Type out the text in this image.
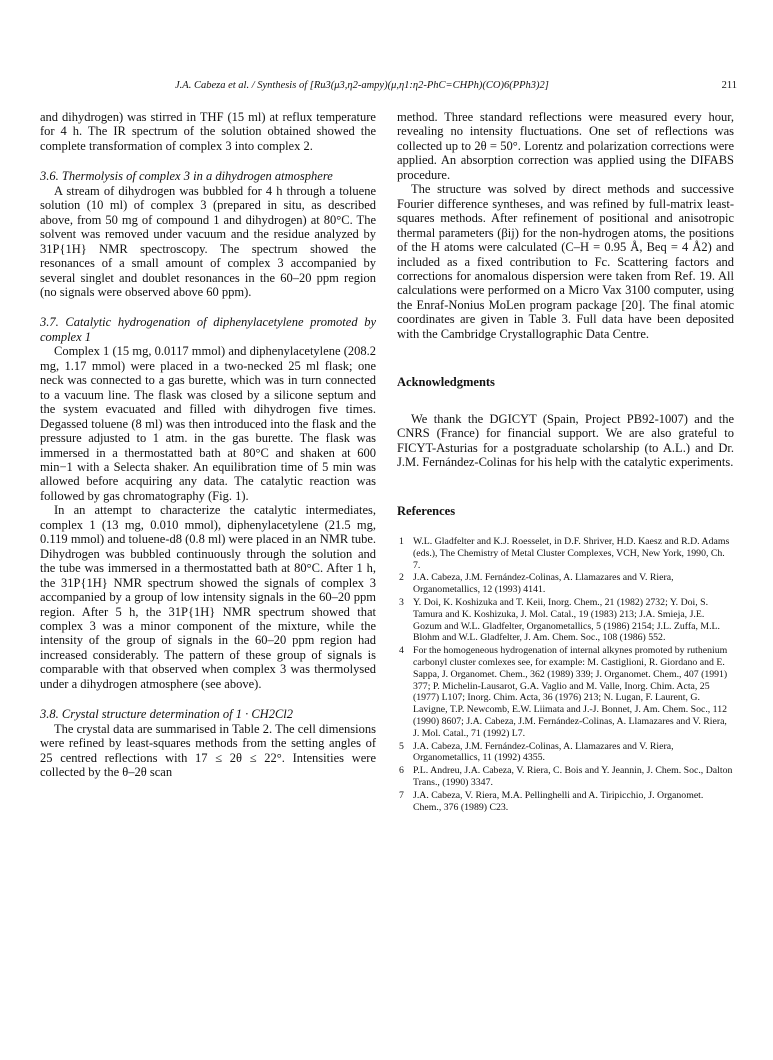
J.A. Cabeza et al. / Synthesis of [Ru3(μ3,η2-ampy)(μ,η1:η2-PhC=CHPh)(CO)6(PPh3)2]	211

and dihydrogen) was stirred in THF (15 ml) at reflux temperature for 4 h. The IR spectrum of the solution obtained showed the complete transformation of complex 3 into complex 2.

3.6. Thermolysis of complex 3 in a dihydrogen atmosphere

A stream of dihydrogen was bubbled for 4 h through a toluene solution (10 ml) of complex 3 (prepared in situ, as described above, from 50 mg of compound 1 and dihydrogen) at 80°C. The solvent was removed under vacuum and the residue analyzed by 31P{1H} NMR spectroscopy. The spectrum showed the resonances of a small amount of complex 3 accompanied by several singlet and doublet resonances in the 60–20 ppm region (no signals were observed above 60 ppm).

3.7. Catalytic hydrogenation of diphenylacetylene promoted by complex 1

Complex 1 (15 mg, 0.0117 mmol) and diphenylacetylene (208.2 mg, 1.17 mmol) were placed in a two-necked 25 ml flask; one neck was connected to a gas burette, which was in turn connected to a vacuum line. The flask was closed by a silicone septum and the system evacuated and filled with dihydrogen five times. Degassed toluene (8 ml) was then introduced into the flask and the pressure adjusted to 1 atm. in the gas burette. The flask was immersed in a thermostatted bath at 80°C and shaken at 600 min−1 with a Selecta shaker. An equilibration time of 5 min was allowed before acquiring any data. The catalytic reaction was followed by gas chromatography (Fig. 1).

In an attempt to characterize the catalytic intermediates, complex 1 (13 mg, 0.010 mmol), diphenylacetylene (21.5 mg, 0.119 mmol) and toluene-d8 (0.8 ml) were placed in an NMR tube. Dihydrogen was bubbled continuously through the solution and the tube was immersed in a thermostatted bath at 80°C. After 1 h, the 31P{1H} NMR spectrum showed the signals of complex 3 accompanied by a group of low intensity signals in the 60–20 ppm region. After 5 h, the 31P{1H} NMR spectrum showed that complex 3 was a minor component of the mixture, while the intensity of the group of signals in the 60–20 ppm region had increased considerably. The pattern of these group of signals is comparable with that observed when complex 3 was thermolysed under a dihydrogen atmosphere (see above).

3.8. Crystal structure determination of 1 · CH2Cl2

The crystal data are summarised in Table 2. The cell dimensions were refined by least-squares methods from the setting angles of 25 centred reflections with 17 ≤ 2θ ≤ 22°. Intensities were collected by the θ–2θ scan

method. Three standard reflections were measured every hour, revealing no intensity fluctuations. One set of reflections was collected up to 2θ = 50°. Lorentz and polarization corrections were applied. An absorption correction was applied using the DIFABS procedure.

The structure was solved by direct methods and successive Fourier difference syntheses, and was refined by full-matrix least-squares methods. After refinement of positional and anisotropic thermal parameters (βij) for the non-hydrogen atoms, the positions of the H atoms were calculated (C–H = 0.95 Å, Beq = 4 Å2) and included as a fixed contribution to Fc. Scattering factors and corrections for anomalous dispersion were taken from Ref. 19. All calculations were performed on a Micro Vax 3100 computer, using the Enraf-Nonius MoLen program package [20]. The final atomic coordinates are given in Table 3. Full data have been deposited with the Cambridge Crystallographic Data Centre.

Acknowledgments

We thank the DGICYT (Spain, Project PB92-1007) and the CNRS (France) for financial support. We are also grateful to FICYT-Asturias for a postgraduate scholarship (to A.L.) and Dr. J.M. Fernández-Colinas for his help with the catalytic experiments.

References

1 W.L. Gladfelter and K.J. Roesselet, in D.F. Shriver, H.D. Kaesz and R.D. Adams (eds.), The Chemistry of Metal Cluster Complexes, VCH, New York, 1990, Ch. 7.
2 J.A. Cabeza, J.M. Fernández-Colinas, A. Llamazares and V. Riera, Organometallics, 12 (1993) 4141.
3 Y. Doi, K. Koshizuka and T. Keii, Inorg. Chem., 21 (1982) 2732; Y. Doi, S. Tamura and K. Koshizuka, J. Mol. Catal., 19 (1983) 213; J.A. Smieja, J.E. Gozum and W.L. Gladfelter, Organometallics, 5 (1986) 2154; J.L. Zuffa, M.L. Blohm and W.L. Gladfelter, J. Am. Chem. Soc., 108 (1986) 552.
4 For the homogeneous hydrogenation of internal alkynes promoted by ruthenium carbonyl cluster comlexes see, for example: M. Castiglioni, R. Giordano and E. Sappa, J. Organomet. Chem., 362 (1989) 339; J. Organomet. Chem., 407 (1991) 377; P. Michelin-Lausarot, G.A. Vaglio and M. Valle, Inorg. Chim. Acta, 25 (1977) L107; Inorg. Chim. Acta, 36 (1976) 213; N. Lugan, F. Laurent, G. Lavigne, T.P. Newcomb, E.W. Liimata and J.-J. Bonnet, J. Am. Chem. Soc., 112 (1990) 8607; J.A. Cabeza, J.M. Fernández-Colinas, A. Llamazares and V. Riera, J. Mol. Catal., 71 (1992) L7.
5 J.A. Cabeza, J.M. Fernández-Colinas, A. Llamazares and V. Riera, Organometallics, 11 (1992) 4355.
6 P.L. Andreu, J.A. Cabeza, V. Riera, C. Bois and Y. Jeannin, J. Chem. Soc., Dalton Trans., (1990) 3347.
7 J.A. Cabeza, V. Riera, M.A. Pellinghelli and A. Tiripicchio, J. Organomet. Chem., 376 (1989) C23.
